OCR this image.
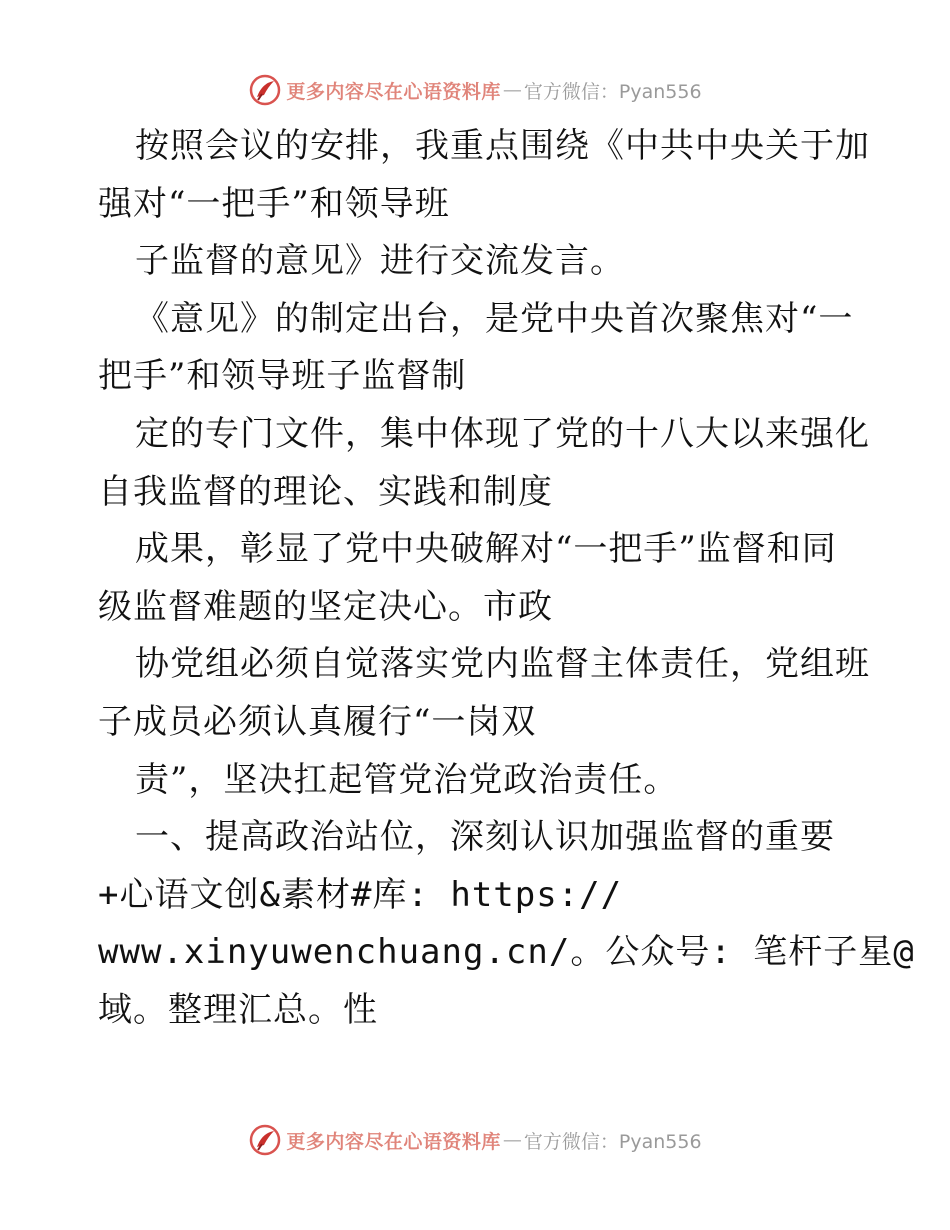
更多内容尽在心语资料库 — 官方微信：Pyan556
按照会议的安排，我重点围绕《中共中央关于加
强对“一把手”和领导班
子监督的意见》进行交流发言。
《意见》的制定出台，是党中央首次聚焦对“一
把手”和领导班子监督制
定的专门文件，集中体现了党的十八大以来强化
自我监督的理论、实践和制度
成果，彰显了党中央破解对“一把手”监督和同
级监督难题的坚定决心。市政
协党组必须自觉落实党内监督主体责任，党组班
子成员必须认真履行“一岗双
责”，坚决扛起管党治党政治责任。
一、提高政治站位，深刻认识加强监督的重要
+心语文创&素材#库: https://
www.xinyuwenchuang.cn/。公众号: 笔杆子星@
域。整理汇总。性
更多内容尽在心语资料库 — 官方微信：Pyan556
